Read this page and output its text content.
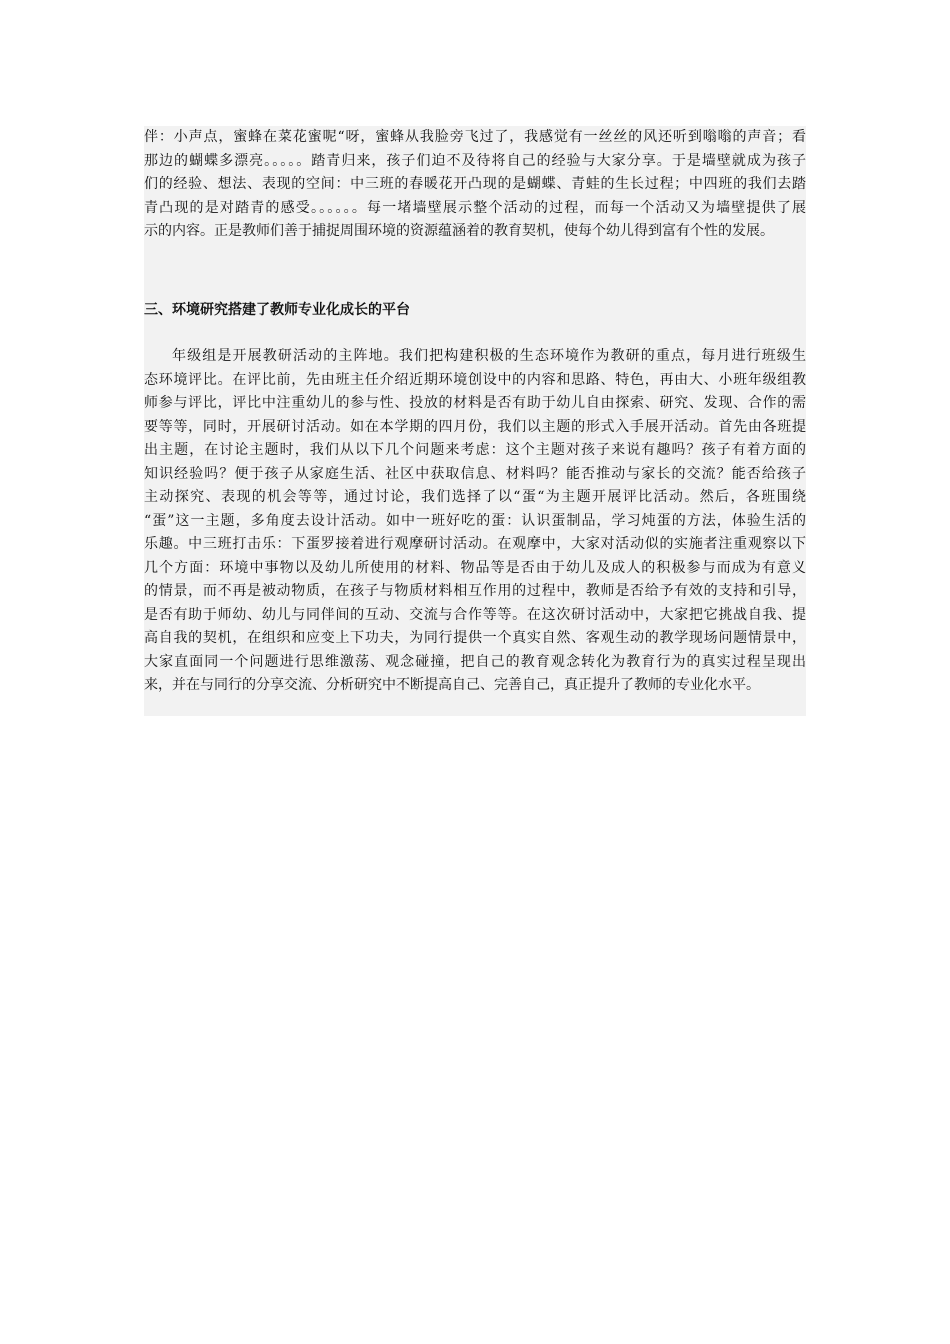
伴：小声点，蜜蜂在菜花蜜呢“呀，蜜蜂从我脸旁飞过了，我感觉有一丝丝的风还听到嗡嗡的声音；看
那边的蝴蝶多漂亮。。。。。踏青归来，孩子们迫不及待将自己的经验与大家分享。于是墙壁就成为孩子
们的经验、想法、表现的空间：中三班的春暖花开凸现的是蝴蝶、青蛙的生长过程；中四班的我们去踏
青凸现的是对踏青的感受。。。。。。每一堵墙壁展示整个活动的过程，而每一个活动又为墙壁提供了展
示的内容。正是教师们善于捕捉周围环境的资源蕴涵着的教育契机，使每个幼儿得到富有个性的发展。
三、环境研究搭建了教师专业化成长的平台
年级组是开展教研活动的主阵地。我们把构建积极的生态环境作为教研的重点，每月进行班级生
态环境评比。在评比前，先由班主任介绍近期环境创设中的内容和思路、特色，再由大、小班年级组教
师参与评比，评比中注重幼儿的参与性、投放的材料是否有助于幼儿自由探索、研究、发现、合作的需
要等等，同时，开展研讨活动。如在本学期的四月份，我们以主题的形式入手展开活动。首先由各班提
出主题，在讨论主题时，我们从以下几个问题来考虑：这个主题对孩子来说有趣吗？孩子有着方面的
知识经验吗？便于孩子从家庭生活、社区中获取信息、材料吗？能否推动与家长的交流？能否给孩子
主动探究、表现的机会等等，通过讨论，我们选择了以“蛋“为主题开展评比活动。然后，各班围绕
“蛋”这一主题，多角度去设计活动。如中一班好吃的蛋：认识蛋制品，学习炖蛋的方法，体验生活的
乐趣。中三班打击乐：下蛋罗接着进行观摩研讨活动。在观摩中，大家对活动似的实施者注重观察以下
几个方面：环境中事物以及幼儿所使用的材料、物品等是否由于幼儿及成人的积极参与而成为有意义
的情景，而不再是被动物质，在孩子与物质材料相互作用的过程中，教师是否给予有效的支持和引导，
是否有助于师幼、幼儿与同伴间的互动、交流与合作等等。在这次研讨活动中，大家把它挑战自我、提
高自我的契机，在组织和应变上下功夫，为同行提供一个真实自然、客观生动的教学现场问题情景中，
大家直面同一个问题进行思维激荡、观念碰撞，把自己的教育观念转化为教育行为的真实过程呈现出
来，并在与同行的分享交流、分析研究中不断提高自己、完善自己，真正提升了教师的专业化水平。
